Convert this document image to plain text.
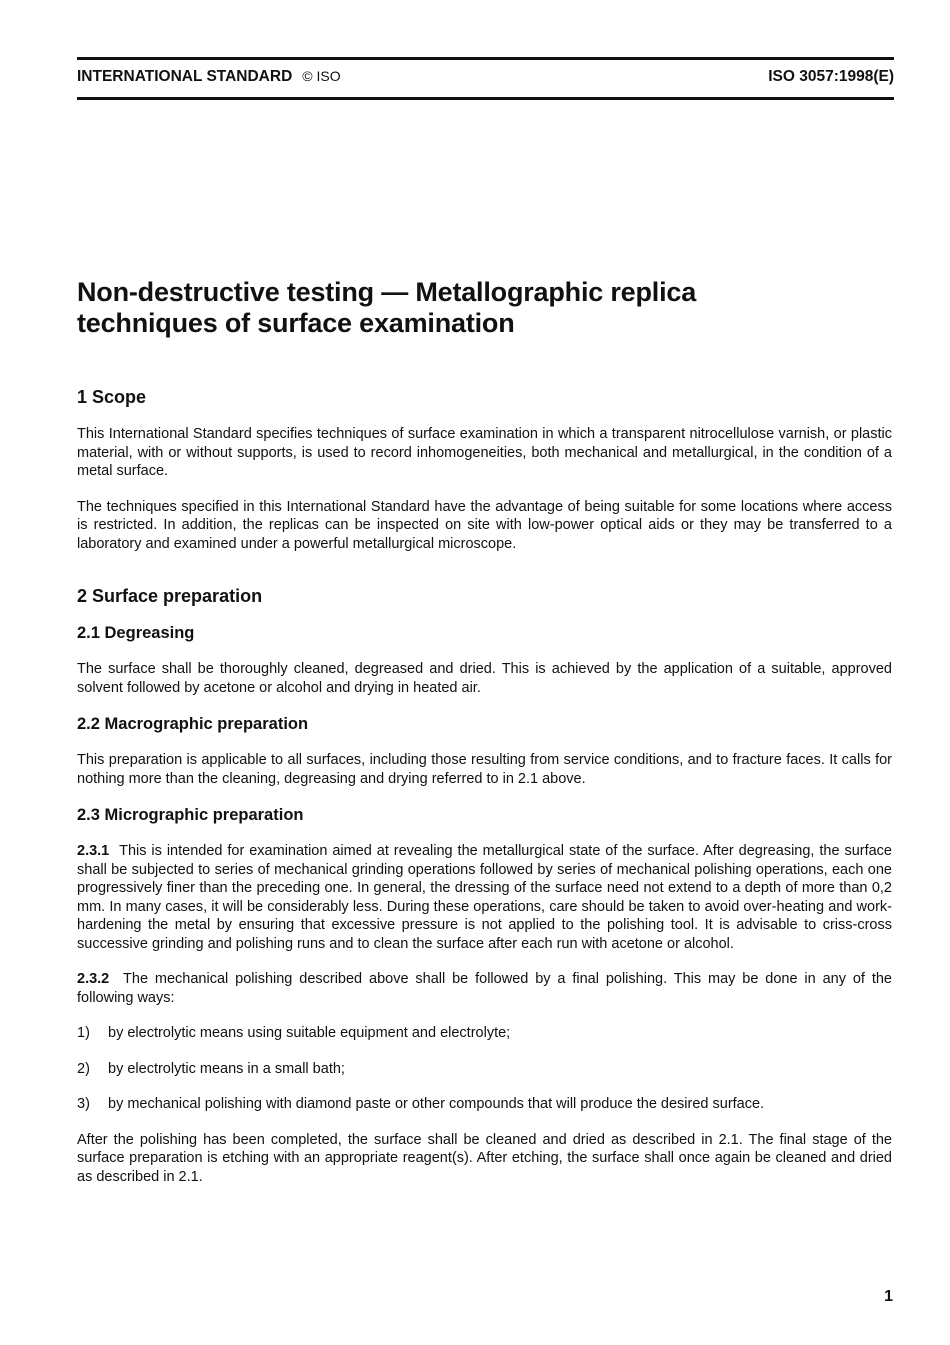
INTERNATIONAL STANDARD © ISO	ISO 3057:1998(E)
Non-destructive testing — Metallographic replica
techniques of surface examination
1 Scope

This International Standard specifies techniques of surface examination in which a transparent nitrocellulose varnish, or plastic material, with or without supports, is used to record inhomogeneities, both mechanical and metallurgical, in the condition of a metal surface.

The techniques specified in this International Standard have the advantage of being suitable for some locations where access is restricted. In addition, the replicas can be inspected on site with low-power optical aids or they may be transferred to a laboratory and examined under a powerful metallurgical microscope.

2 Surface preparation
2.1 Degreasing

The surface shall be thoroughly cleaned, degreased and dried. This is achieved by the application of a suitable, approved solvent followed by acetone or alcohol and drying in heated air.

2.2 Macrographic preparation

This preparation is applicable to all surfaces, including those resulting from service conditions, and to fracture faces. It calls for nothing more than the cleaning, degreasing and drying referred to in 2.1 above.

2.3 Micrographic preparation

2.3.1 This is intended for examination aimed at revealing the metallurgical state of the surface. After degreasing, the surface shall be subjected to series of mechanical grinding operations followed by series of mechanical polishing operations, each one progressively finer than the preceding one. In general, the dressing of the surface need not extend to a depth of more than 0,2 mm. In many cases, it will be considerably less. During these operations, care should be taken to avoid over-heating and work-hardening the metal by ensuring that excessive pressure is not applied to the polishing tool. It is advisable to criss-cross successive grinding and polishing runs and to clean the surface after each run with acetone or alcohol.

2.3.2 The mechanical polishing described above shall be followed by a final polishing. This may be done in any of the following ways:

1)	by electrolytic means using suitable equipment and electrolyte;
2)	by electrolytic means in a small bath;
3)	by mechanical polishing with diamond paste or other compounds that will produce the desired surface.

After the polishing has been completed, the surface shall be cleaned and dried as described in 2.1. The final stage of the surface preparation is etching with an appropriate reagent(s). After etching, the surface shall once again be cleaned and dried as described in 2.1.

1
